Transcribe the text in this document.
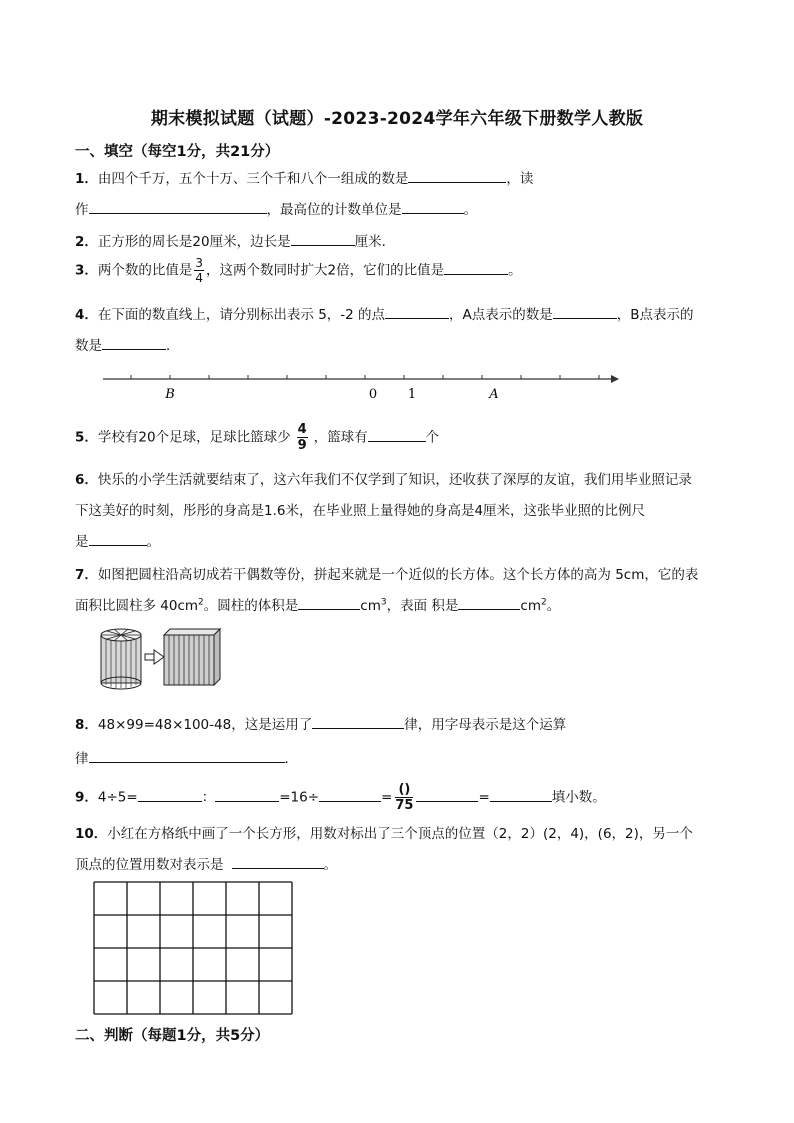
期末模拟试题（试题）-2023-2024学年六年级下册数学人教版
一、填空（每空1分，共21分）
1．由四个千万，五个十万、三个千和八个一组成的数是	，读
作	，最高位的计数单位是	。
2．正方形的周长是20厘米，边长是	厘米．
3．两个数的比值是 $\frac{3}{4}$ ，这两个数同时扩大2倍，它们的比值是	。
4．在下面的数直线上，请分别标出表示 5，-2 的点	，A点表示的数是	，B点表示的
数是	．
B	0 1	A
5．学校有20个足球，足球比篮球少 $\frac{4}{9}$ ，篮球有	个
6．快乐的小学生活就要结束了，这六年我们不仅学到了知识，还收获了深厚的友谊，我们用毕业照记录
下这美好的时刻，彤彤的身高是1.6米，在毕业照上量得她的身高是4厘米，这张毕业照的比例尺
是	。
7．如图把圆柱沿高切成若干偶数等份，拼起来就是一个近似的长方体。这个长方体的高为 5cm，它的表
面积比圆柱多 $40cm^2$。圆柱的体积是	$cm^3$，表面 积是	$cm^2$。
8．48×99=48×100-48，这是运用了	律，用字母表示是这个运算
律	．
9．4÷5=	：	=16÷	= $\frac{()}{75}$	=	填小数。
10．小红在方格纸中画了一个长方形，用数对标出了三个顶点的位置（2，2）(2，4)，(6，2)，另一个
顶点的位置用数对表示是	。
二、判断（每题1分，共5分）
